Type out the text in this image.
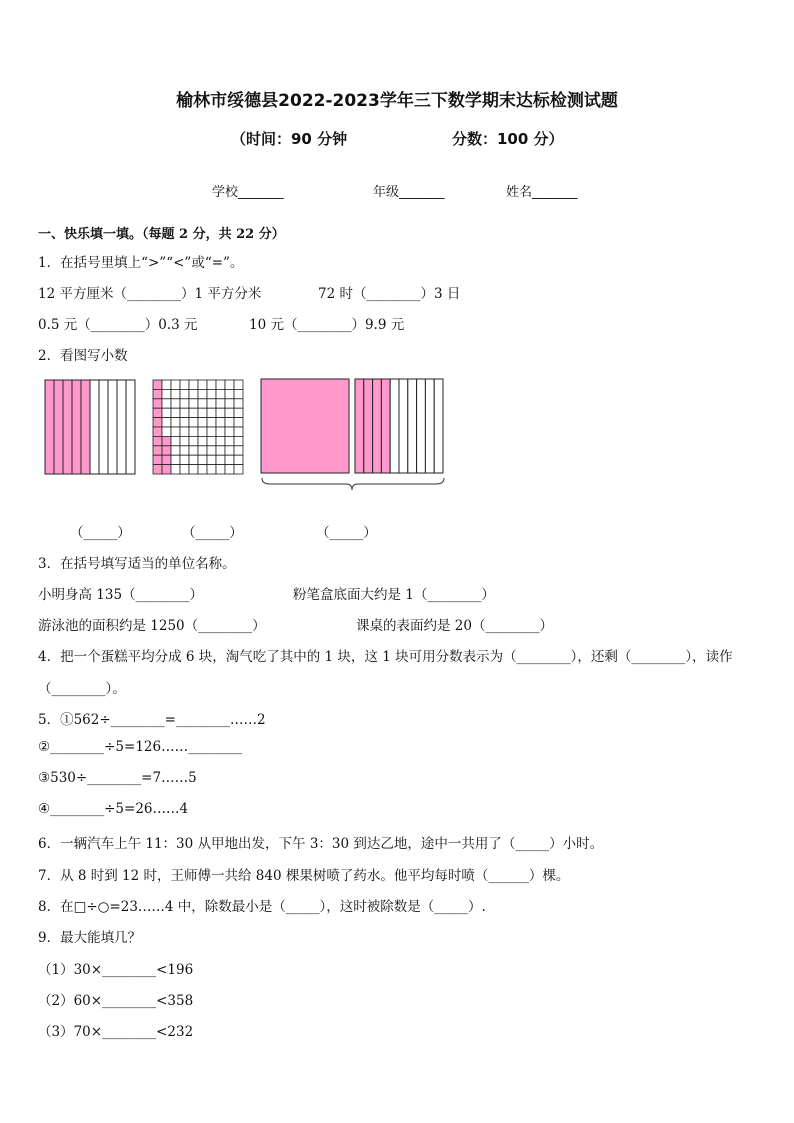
榆林市绥德县2022-2023学年三下数学期末达标检测试题
（时间：90 分钟	分数：100 分）
学校_______	年级_______	姓名_______
一、快乐填一填。（每题 2 分，共 22 分）
1．在括号里填上“>”“<”或“=”。
12 平方厘米（________）1 平方分米	72 时（________）3 日
0.5 元（________）0.3 元	10 元（________）9.9 元
2．看图写小数
（_____）	（_____）	（_____）
3．在括号填写适当的单位名称。
小明身高 135（________）	粉笔盒底面大约是 1（________）
游泳池的面积约是 1250（________）	课桌的表面约是 20（________）
4．把一个蛋糕平均分成 6 块，淘气吃了其中的 1 块，这 1 块可用分数表示为（________），还剩（________），读作
（________）。
5．①562÷________=________……2
②________÷5=126……________
③530÷________=7……5
④________÷5=26……4
6．一辆汽车上午 11：30 从甲地出发，下午 3：30 到达乙地，途中一共用了（_____）小时。
7．从 8 时到 12 时，王师傅一共给 840 棵果树喷了药水。他平均每时喷（______）棵。
8．在□÷○=23……4 中，除数最小是（_____），这时被除数是（_____）.
9．最大能填几？
（1）30×________<196
（2）60×________<358
（3）70×________<232
